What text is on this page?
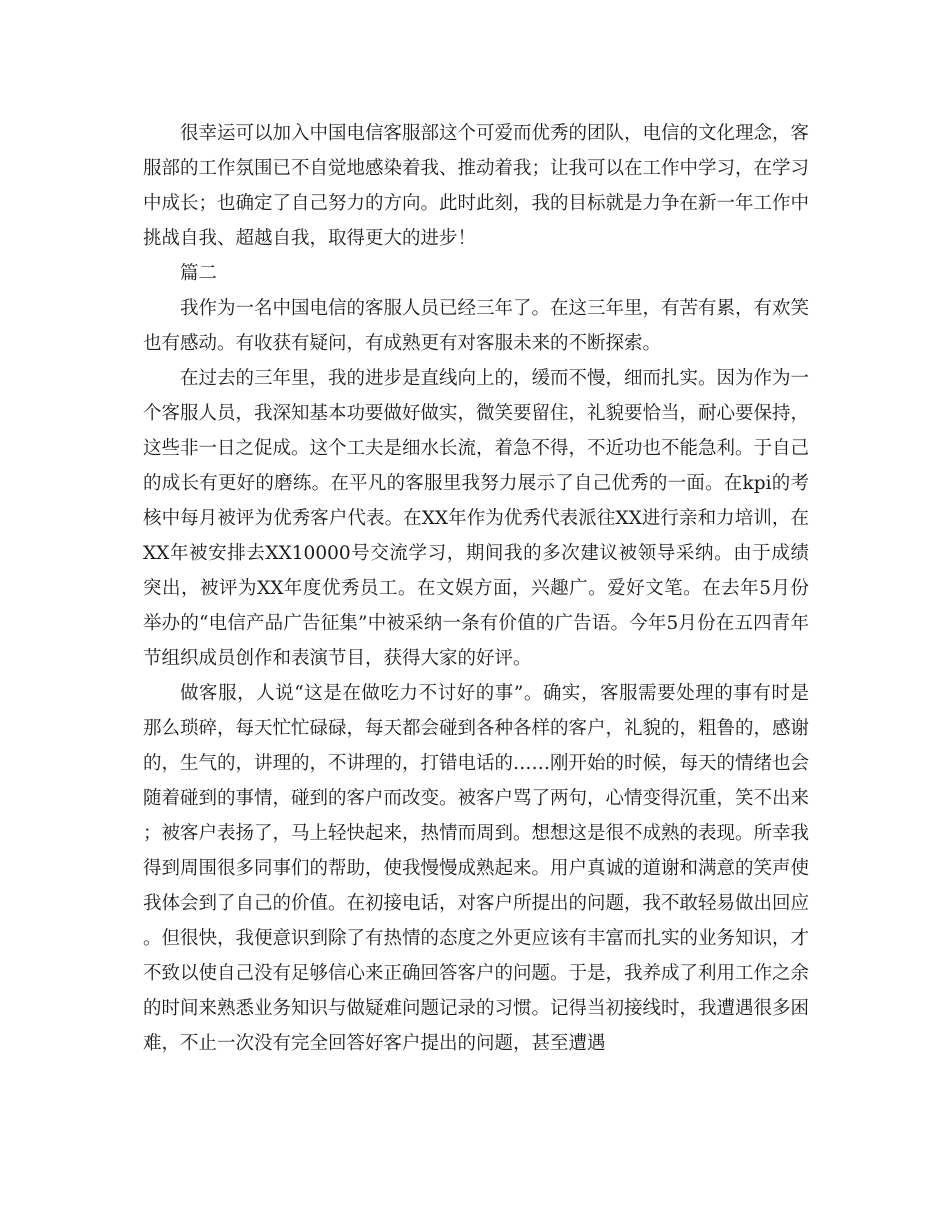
很幸运可以加入中国电信客服部这个可爱而优秀的团队，电信的文化理念，客服部的工作氛围已不自觉地感染着我、推动着我；让我可以在工作中学习，在学习中成长；也确定了自己努力的方向。此时此刻，我的目标就是力争在新一年工作中挑战自我、超越自我，取得更大的进步！

篇二

我作为一名中国电信的客服人员已经三年了。在这三年里，有苦有累，有欢笑也有感动。有收获有疑问，有成熟更有对客服未来的不断探索。

在过去的三年里，我的进步是直线向上的，缓而不慢，细而扎实。因为作为一个客服人员，我深知基本功要做好做实，微笑要留住，礼貌要恰当，耐心要保持，这些非一日之促成。这个工夫是细水长流，着急不得，不近功也不能急利。于自己的成长有更好的磨练。在平凡的客服里我努力展示了自己优秀的一面。在kpi的考核中每月被评为优秀客户代表。在XX年作为优秀代表派往XX进行亲和力培训，在XX年被安排去XX10000号交流学习，期间我的多次建议被领导采纳。由于成绩突出，被评为XX年度优秀员工。在文娱方面，兴趣广。爱好文笔。在去年5月份举办的“电信产品广告征集”中被采纳一条有价值的广告语。今年5月份在五四青年节组织成员创作和表演节目，获得大家的好评。

做客服，人说“这是在做吃力不讨好的事”。确实，客服需要处理的事有时是那么琐碎，每天忙忙碌碌，每天都会碰到各种各样的客户，礼貌的，粗鲁的，感谢的，生气的，讲理的，不讲理的，打错电话的……刚开始的时候，每天的情绪也会随着碰到的事情，碰到的客户而改变。被客户骂了两句，心情变得沉重，笑不出来；被客户表扬了，马上轻快起来，热情而周到。想想这是很不成熟的表现。所幸我得到周围很多同事们的帮助，使我慢慢成熟起来。用户真诚的道谢和满意的笑声使我体会到了自己的价值。在初接电话，对客户所提出的问题，我不敢轻易做出回应。但很快，我便意识到除了有热情的态度之外更应该有丰富而扎实的业务知识，才不致以使自己没有足够信心来正确回答客户的问题。于是，我养成了利用工作之余的时间来熟悉业务知识与做疑难问题记录的习惯。记得当初接线时，我遭遇很多困难，不止一次没有完全回答好客户提出的问题，甚至遭遇
